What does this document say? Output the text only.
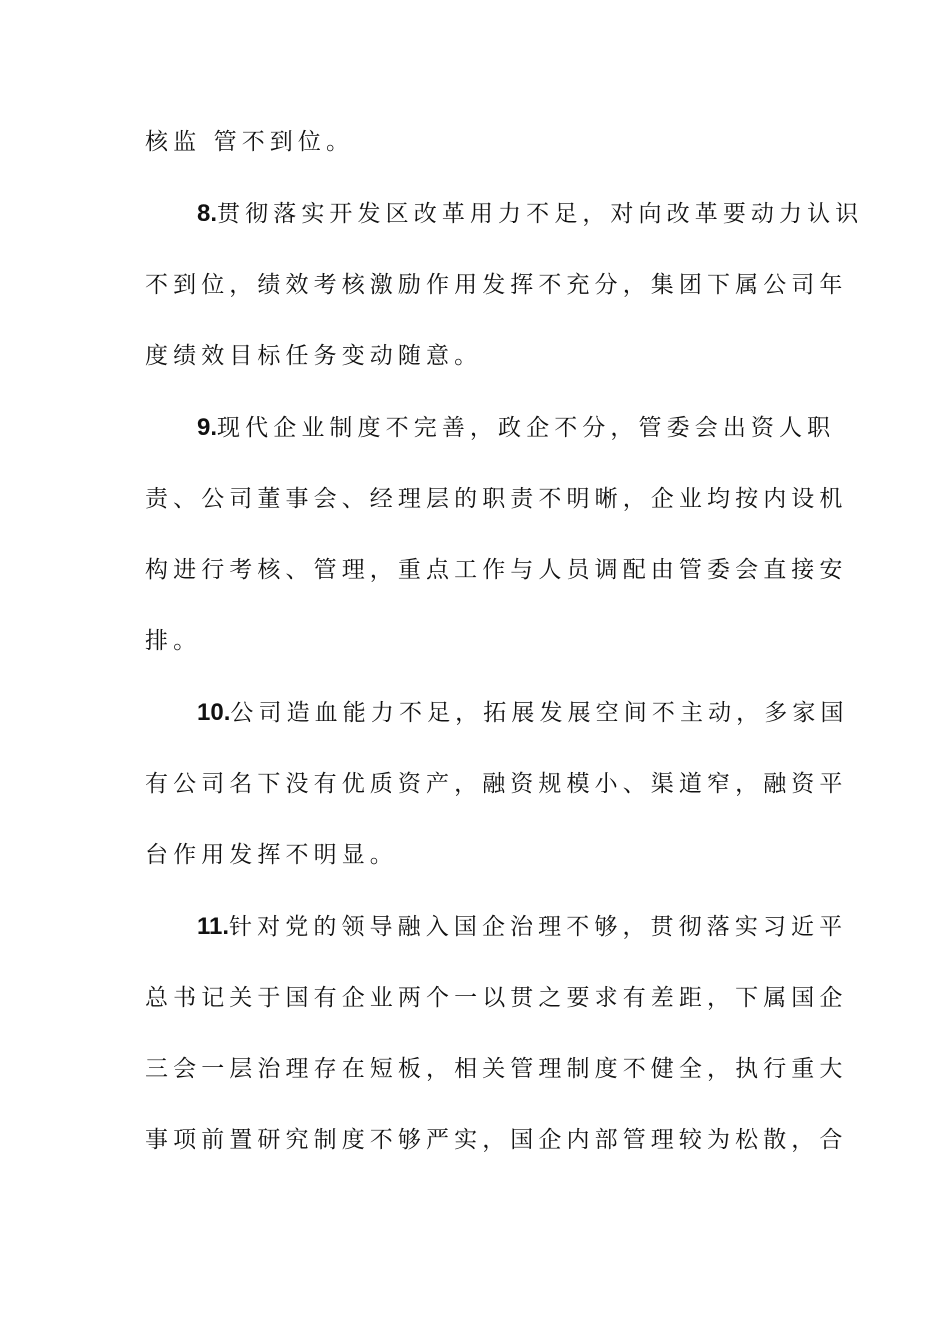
核监 管不到位。

8.贯彻落实开发区改革用力不足，对向改革要动力认识
不到位，绩效考核激励作用发挥不充分，集团下属公司年
度绩效目标任务变动随意。

9.现代企业制度不完善，政企不分，管委会出资人职
责、公司董事会、经理层的职责不明晰，企业均按内设机
构进行考核、管理，重点工作与人员调配由管委会直接安
排。

10.公司造血能力不足，拓展发展空间不主动，多家国
有公司名下没有优质资产，融资规模小、渠道窄，融资平
台作用发挥不明显。

11.针对党的领导融入国企治理不够，贯彻落实习近平
总书记关于国有企业两个一以贯之要求有差距，下属国企
三会一层治理存在短板，相关管理制度不健全，执行重大
事项前置研究制度不够严实，国企内部管理较为松散，合
